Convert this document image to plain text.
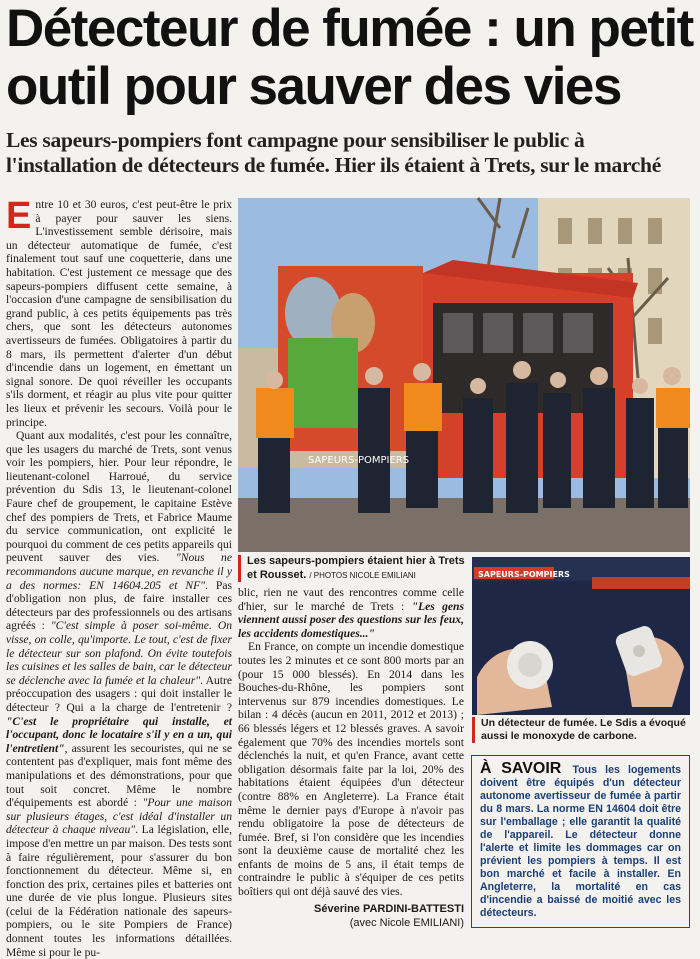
Détecteur de fumée : un petit outil pour sauver des vies
Les sapeurs-pompiers font campagne pour sensibiliser le public à l'installation de détecteurs de fumée. Hier ils étaient à Trets, sur le marché

Entre 10 et 30 euros, c'est peut-être le prix à payer pour sauver les siens. L'investissement semble dérisoire, mais un détecteur automatique de fumée, c'est finalement tout sauf une coquetterie, dans une habitation. C'est justement ce message que des sapeurs-pompiers diffusent cette semaine, à l'occasion d'une campagne de sensibilisation du grand public, à ces petits équipements pas très chers, que sont les détecteurs autonomes avertisseurs de fumées. Obligatoires à partir du 8 mars, ils permettent d'alerter d'un début d'incendie dans un logement, en émettant un signal sonore. De quoi réveiller les occupants s'ils dorment, et réagir au plus vite pour quitter les lieux et prévenir les secours. Voilà pour le principe.

Quant aux modalités, c'est pour les connaître, que les usagers du marché de Trets, sont venus voir les pompiers, hier. Pour leur répondre, le lieutenant-colonel Harroué, du service prévention du Sdis 13, le lieutenant-colonel Faure chef de groupement, le capitaine Estève chef des pompiers de Trets, et Fabrice Maume du service communication, ont explicité le pourquoi du comment de ces petits appareils qui peuvent sauver des vies. "Nous ne recommandons aucune marque, en revanche il y a des normes: EN 14604.205 et NF". Pas d'obligation non plus, de faire installer ces détecteurs par des professionnels ou des artisans agréés : "C'est simple à poser soi-même. On visse, on colle, qu'importe. Le tout, c'est de fixer le détecteur sur son plafond. On évite toutefois les cuisines et les salles de bain, car le détecteur se déclenche avec la fumée et la chaleur". Autre préoccupation des usagers : qui doit installer le détecteur ? Qui a la charge de l'entretenir ? "C'est le propriétaire qui installe, et l'occupant, donc le locataire s'il y en a un, qui l'entretient", assurent les secouristes, qui ne se contentent pas d'expliquer, mais font même des manipulations et des démonstrations, pour que tout soit concret. Même le nombre d'équipements est abordé : "Pour une maison sur plusieurs étages, c'est idéal d'installer un détecteur à chaque niveau". La législation, elle, impose d'en mettre un par maison. Des tests sont à faire régulièrement, pour s'assurer du bon fonctionnement du détecteur. Même si, en fonction des prix, certaines piles et batteries ont une durée de vie plus longue. Plusieurs sites (celui de la Fédération nationale des sapeurs-pompiers, ou le site Pompiers de France) donnent toutes les informations détaillées. Même si pour le pu-

SAPEURS-POMPIERS
Les sapeurs-pompiers étaient hier à Trets et Rousset. / PHOTOS NICOLE EMILIANI

blic, rien ne vaut des rencontres comme celle d'hier, sur le marché de Trets : "Les gens viennent aussi poser des questions sur les feux, les accidents domestiques..."

En France, on compte un incendie domestique toutes les 2 minutes et ce sont 800 morts par an (pour 15 000 blessés). En 2014 dans les Bouches-du-Rhône, les pompiers sont intervenus sur 879 incendies domestiques. Le bilan : 4 décès (aucun en 2011, 2012 et 2013) ; 66 blessés légers et 12 blessés graves. A savoir également que 70% des incendies mortels sont déclenchés la nuit, et qu'en France, avant cette obligation désormais faite par la loi, 20% des habitations étaient équipées d'un détecteur (contre 88% en Angleterre). La France était même le dernier pays d'Europe à n'avoir pas rendu obligatoire la pose de détecteurs de fumée. Bref, si l'on considère que les incendies sont la deuxième cause de mortalité chez les enfants de moins de 5 ans, il était temps de contraindre le public à s'équiper de ces petits boîtiers qui ont déjà sauvé des vies.

Séverine PARDINI-BATTESTI
(avec Nicole EMILIANI)
SAPEURS-POMPIERS
Un détecteur de fumée. Le Sdis a évoqué aussi le monoxyde de carbone.
À SAVOIR Tous les logements doivent être équipés d'un détecteur autonome avertisseur de fumée à partir du 8 mars. La norme EN 14604 doit être sur l'emballage ; elle garantit la qualité de l'appareil. Le détecteur donne l'alerte et limite les dommages car on prévient les pompiers à temps. Il est bon marché et facile à installer. En Angleterre, la mortalité en cas d'incendie a baissé de moitié avec les détecteurs.
